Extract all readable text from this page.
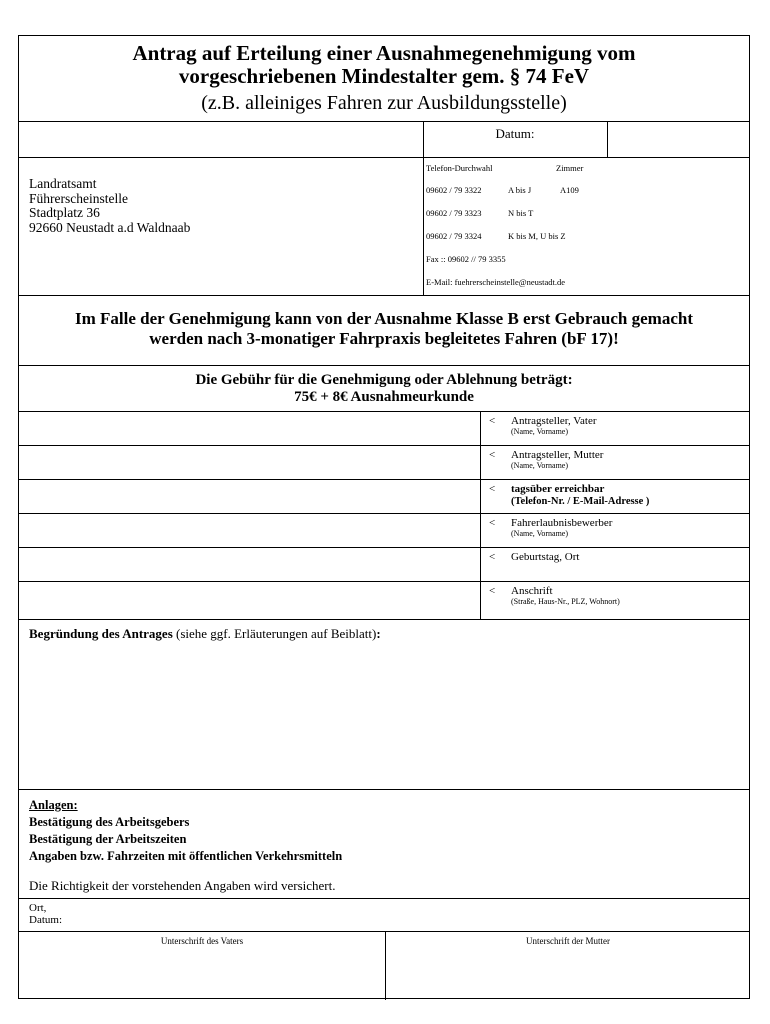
Antrag auf Erteilung einer Ausnahmegenehmigung vom
vorgeschriebenen Mindestalter gem. § 74 FeV
(z.B. alleiniges Fahren zur Ausbildungsstelle)
Datum:
Landratsamt
Führerscheinstelle
Stadtplatz 36
92660 Neustadt a.d Waldnaab
Telefon-Durchwahl	Zimmer
09602 / 79 3322	A bis J	A109
09602 / 79 3323	N bis T
09602 / 79 3324	K bis M, U bis Z
Fax :: 09602 // 79 3355
E-Mail: fuehrerscheinstelle@neustadt.de
Im Falle der Genehmigung kann von der Ausnahme Klasse B erst Gebrauch gemacht
werden nach 3-monatiger Fahrpraxis begleitetes Fahren (bF 17)!
Die Gebühr für die Genehmigung oder Ablehnung beträgt:
75€ + 8€ Ausnahmeurkunde
< Antragsteller, Vater
(Name, Vorname)
< Antragsteller, Mutter
(Name, Vorname)
< tagsüber erreichbar
(Telefon-Nr. / E-Mail-Adresse )
< Fahrerlaubnisbewerber
(Name, Vorname)
< Geburtstag, Ort
< Anschrift
(Straße, Haus-Nr., PLZ, Wohnort)
Begründung des Antrages (siehe ggf. Erläuterungen auf Beiblatt):
Anlagen:
Bestätigung des Arbeitsgebers
Bestätigung der Arbeitszeiten
Angaben bzw. Fahrzeiten mit öffentlichen Verkehrsmitteln
Die Richtigkeit der vorstehenden Angaben wird versichert.
Ort,
Datum:
Unterschrift des Vaters	Unterschrift der Mutter
